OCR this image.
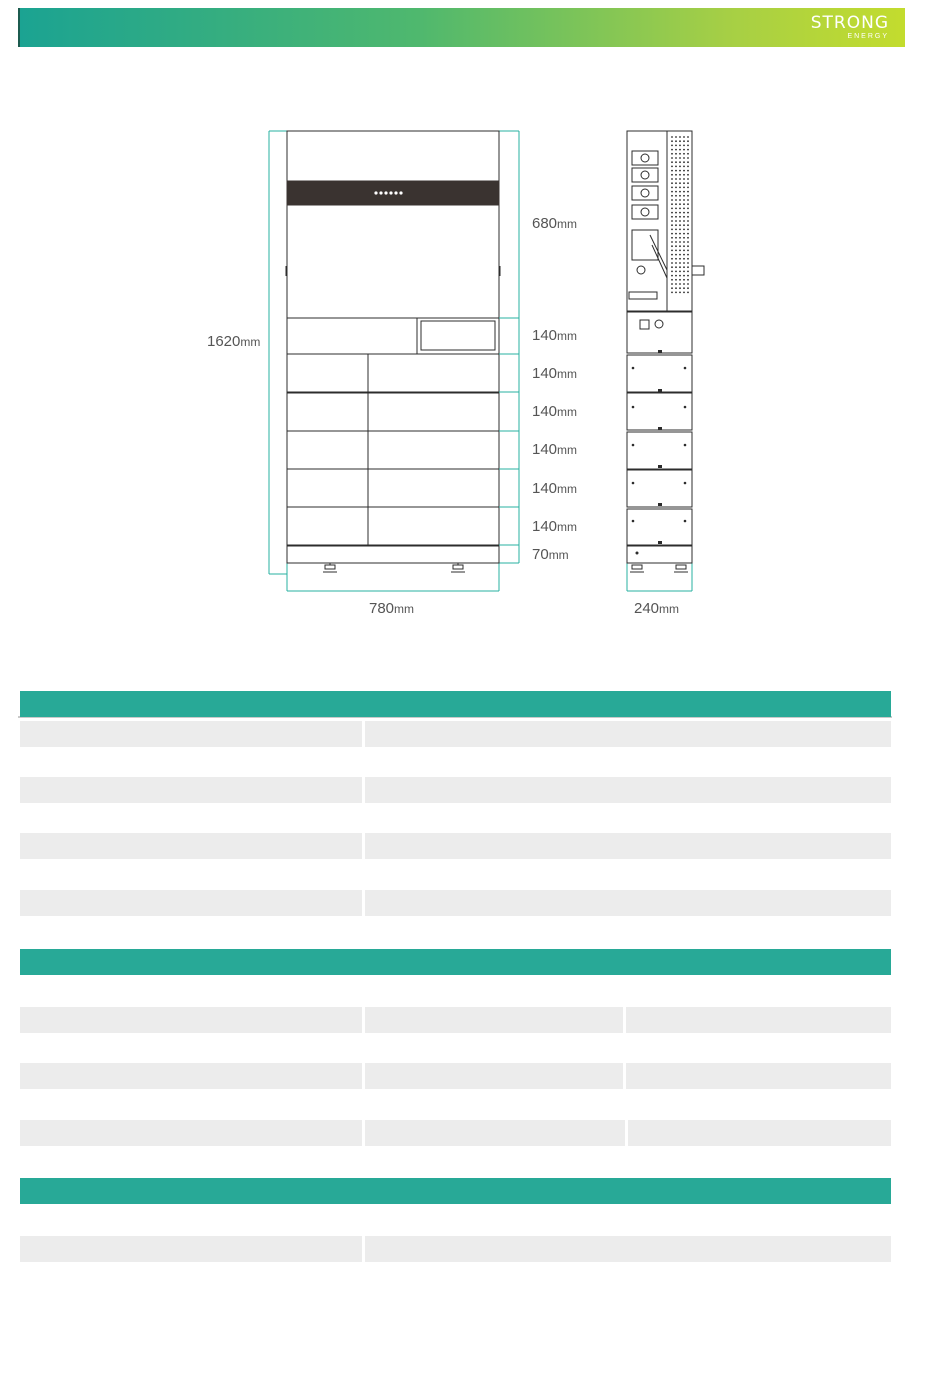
STRONG
ENERGY
1620mm
680mm
140mm
140mm
140mm
140mm
140mm
140mm
70mm
780mm	240mm
